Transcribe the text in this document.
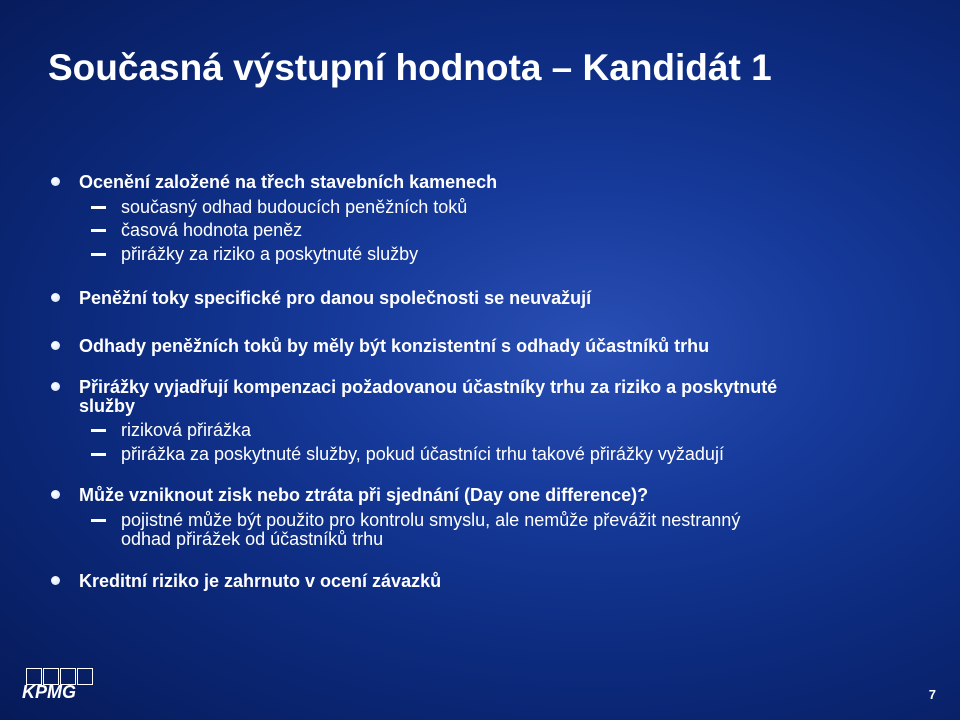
Současná výstupní hodnota – Kandidát 1
Ocenění založené na třech stavebních kamenech
současný odhad budoucích peněžních toků
časová hodnota peněz
přirážky za riziko a poskytnuté služby
Peněžní toky specifické pro danou společnosti se neuvažují
Odhady peněžních toků by měly být konzistentní s odhady účastníků trhu
Přirážky vyjadřují kompenzaci požadovanou účastníky trhu za riziko a poskytnuté
služby
riziková přirážka
přirážka za poskytnuté služby, pokud účastníci trhu takové přirážky vyžadují
Může vzniknout zisk nebo ztráta při sjednání (Day one difference)?
pojistné může být použito pro kontrolu smyslu, ale nemůže převážit nestranný
odhad přirážek od účastníků trhu
Kreditní riziko je zahrnuto v ocení závazků
KPMG	7
